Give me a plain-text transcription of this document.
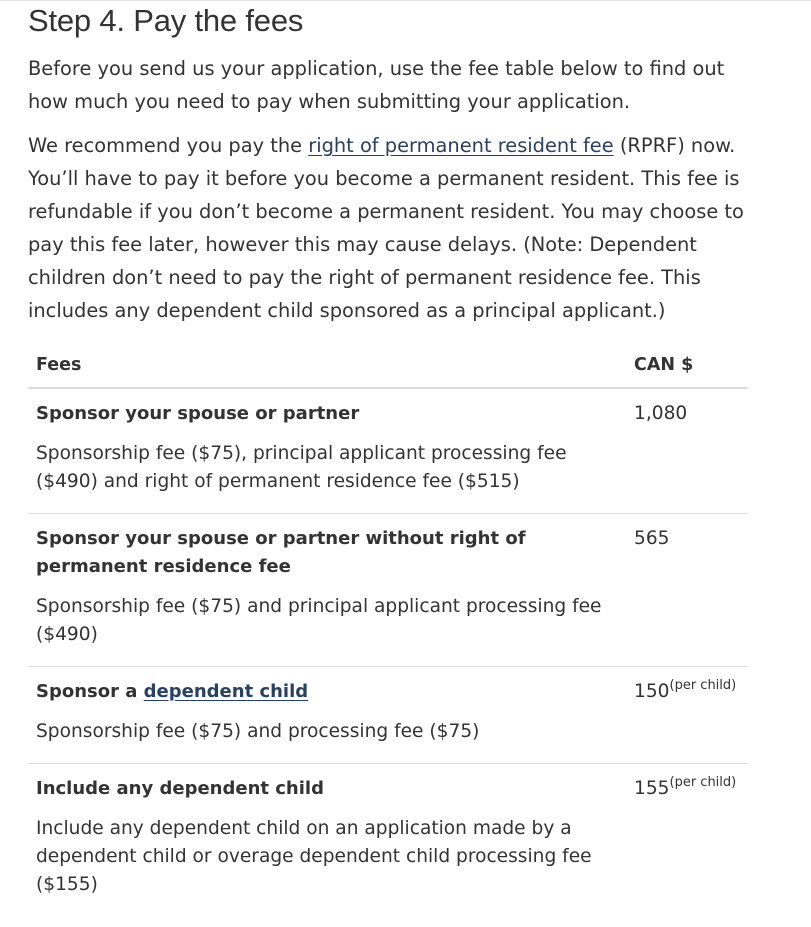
Step 4. Pay the fees

Before you send us your application, use the fee table below to find out how much you need to pay when submitting your application.

We recommend you pay the right of permanent resident fee (RPRF) now. You’ll have to pay it before you become a permanent resident. This fee is refundable if you don’t become a permanent resident. You may choose to pay this fee later, however this may cause delays. (Note: Dependent children don’t need to pay the right of permanent residence fee. This includes any dependent child sponsored as a principal applicant.)

Fees	CAN $

Sponsor your spouse or partner
Sponsorship fee ($75), principal applicant processing fee ($490) and right of permanent residence fee ($515)	1,080

Sponsor your spouse or partner without right of permanent residence fee
Sponsorship fee ($75) and principal applicant processing fee ($490)	565

Sponsor a dependent child
Sponsorship fee ($75) and processing fee ($75)	$150^{(per child)}$

Include any dependent child
Include any dependent child on an application made by a dependent child or overage dependent child processing fee ($155)	$155^{(per child)}$
